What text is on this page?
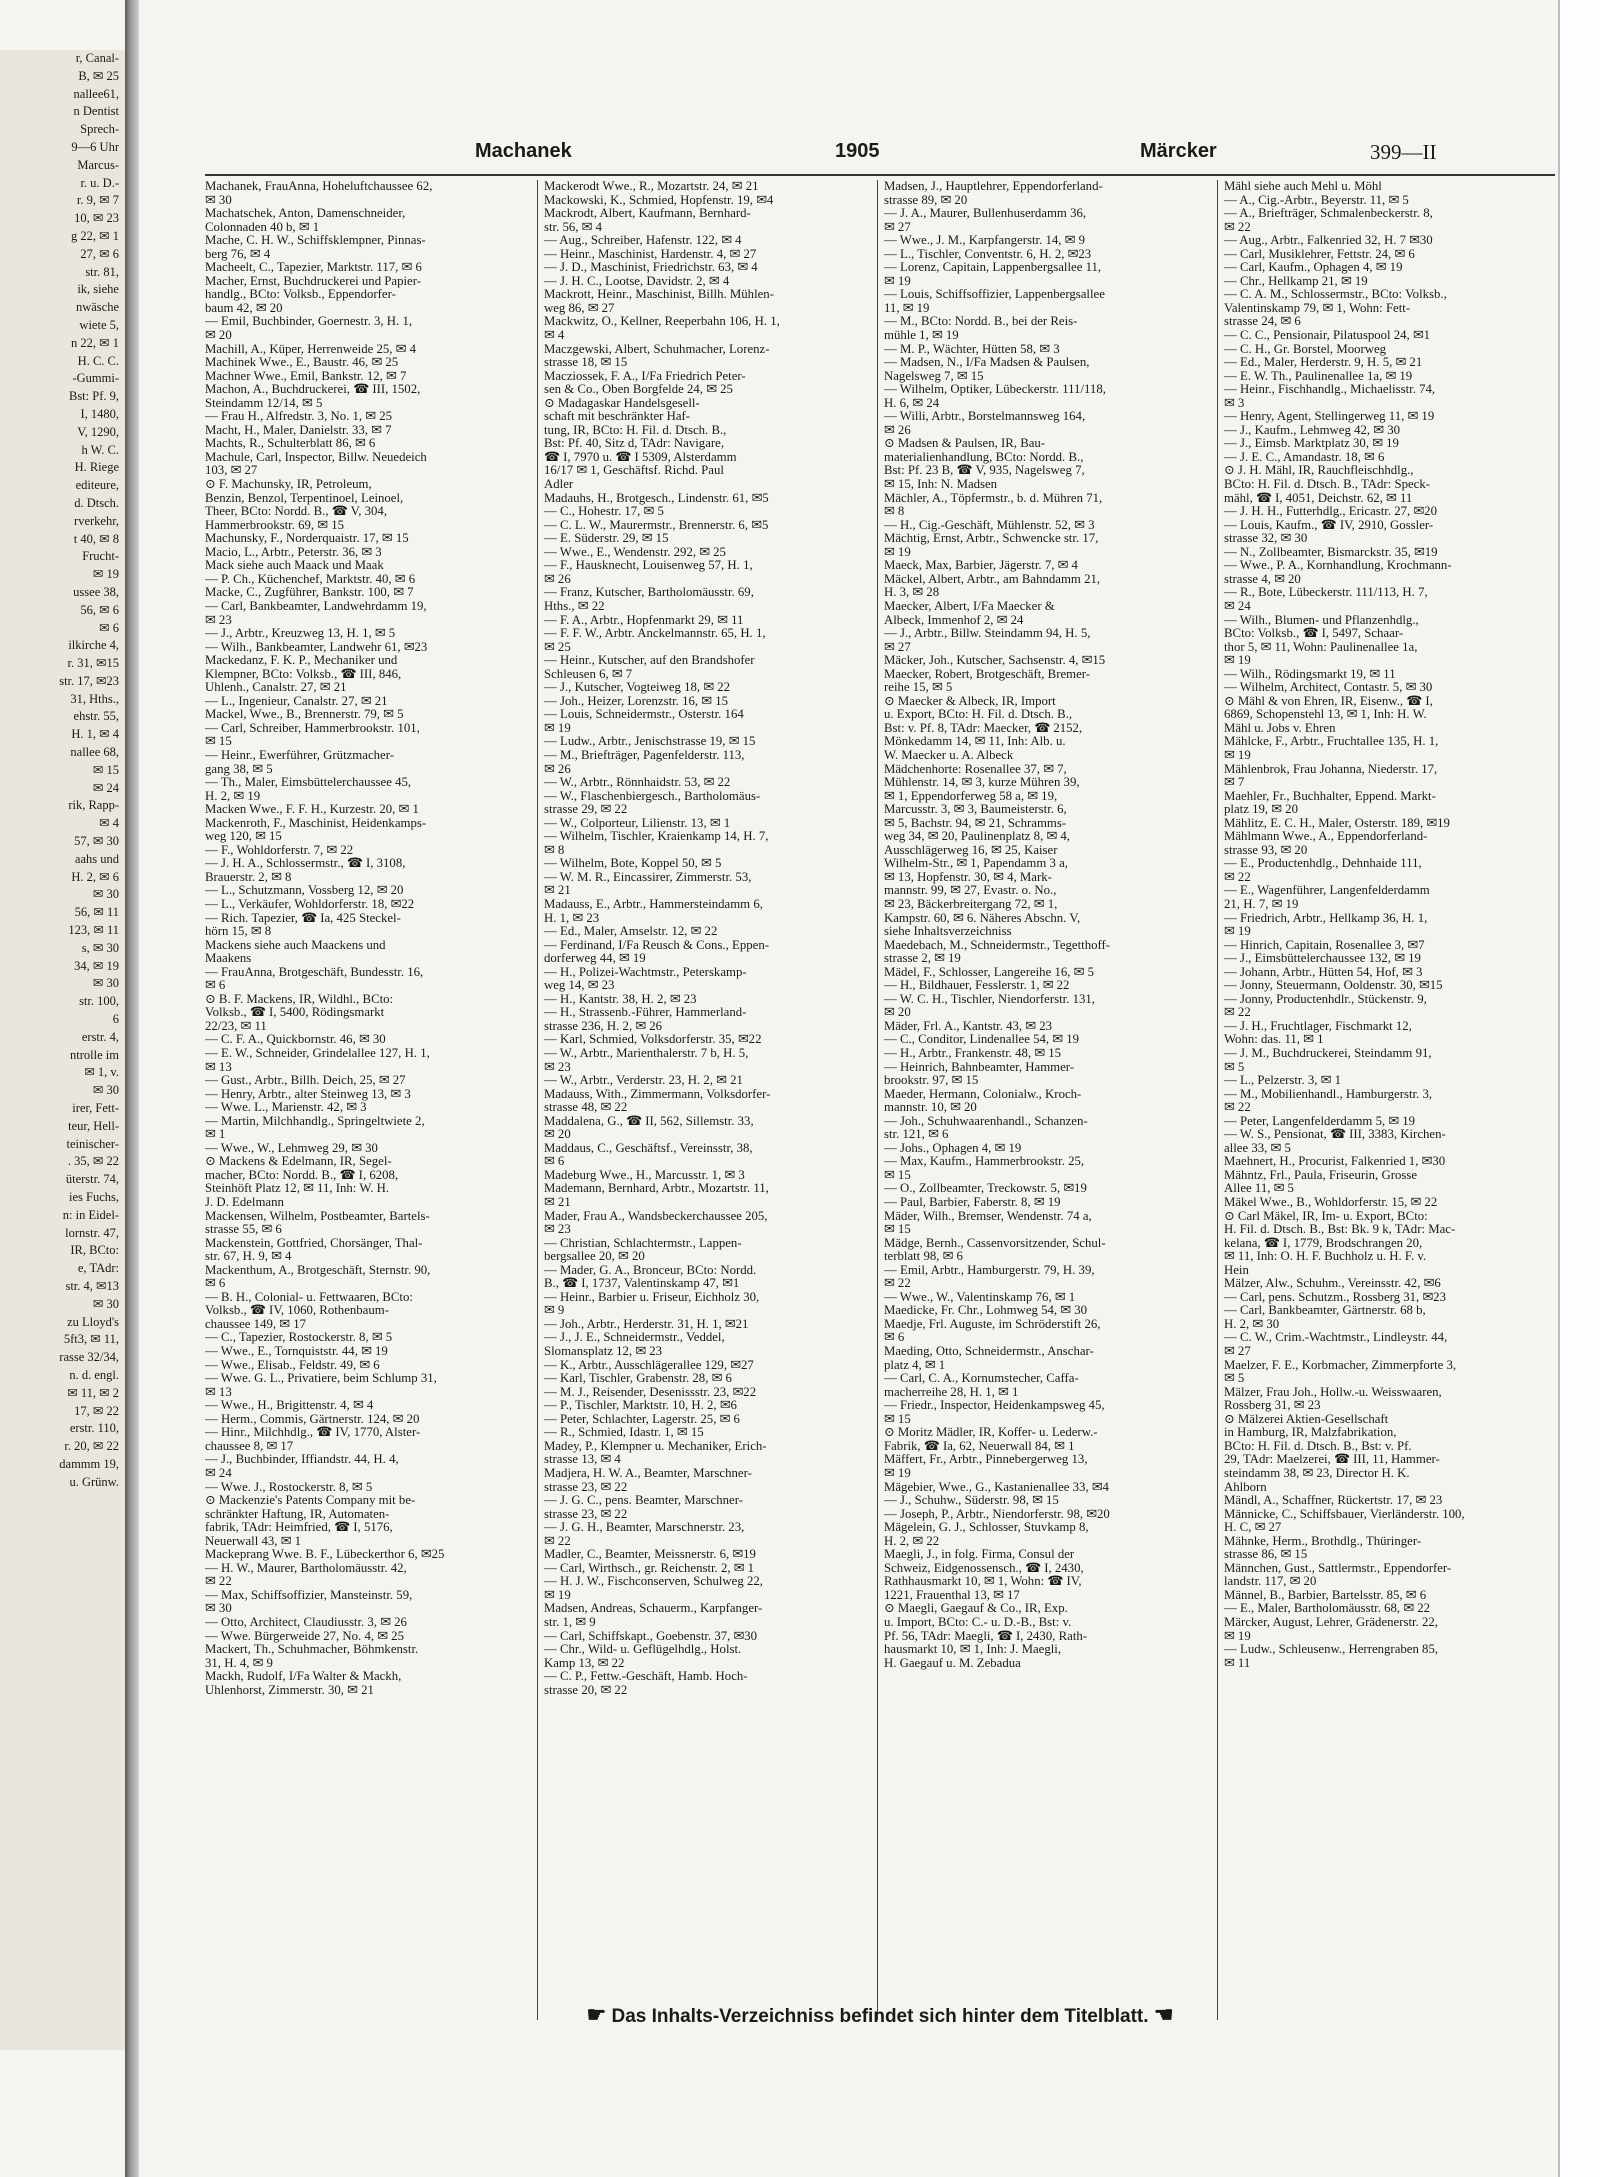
r, Canal-
B, ✉ 25
nallee61,
n Dentist
Sprech-
9—6 Uhr
Marcus-
r. u. D.-
r. 9, ✉ 7
10, ✉ 23
g 22, ✉ 1
27, ✉ 6
str. 81,
ik, siehe
nwäsche
wiete 5,
n 22, ✉ 1
H. C. C.
-Gummi-
Bst: Pf. 9,
I, 1480,
V, 1290,
h W. C.
H. Riege
editeure,
d. Dtsch.
rverkehr,
t 40, ✉ 8
Frucht-
✉ 19
ussee 38,
56, ✉ 6
✉ 6
ilkirche 4,
r. 31, ✉15
str. 17, ✉23
31, Hths.,
ehstr. 55,
H. 1, ✉ 4
nallee 68,
✉ 15
✉ 24
rik, Rapp-
✉ 4
57, ✉ 30
aahs und
H. 2, ✉ 6
✉ 30
56, ✉ 11
123, ✉ 11
s, ✉ 30
34, ✉ 19
✉ 30
str. 100,
6
erstr. 4,
ntrolle im
✉ 1, v.
✉ 30
irer, Fett-
teur, Hell-
teinischer-
. 35, ✉ 22
üterstr. 74,
ies Fuchs,
n: in Eidel-
lornstr. 47,
IR, BCto:
e, TAdr:
str. 4, ✉13
✉ 30
zu Lloyd's
5ft3, ✉ 11,
rasse 32/34,
n. d. engl.
✉ 11, ✉ 2
17, ✉ 22
erstr. 110,
r. 20, ✉ 22
dammm 19,
u. Grünw.
Machanek	1905	Märcker	399—II
Machanek, FrauAnna, Hoheluftchaussee 62,
✉ 30
Machatschek, Anton, Damenschneider,
Colonnaden 40 b, ✉ 1
Mache, C. H. W., Schiffsklempner, Pinnas-
berg 76, ✉ 4
Macheelt, C., Tapezier, Marktstr. 117, ✉ 6
Macher, Ernst, Buchdruckerei und Papier-
handlg., BCto: Volksb., Eppendorfer-
baum 42, ✉ 20
— Emil, Buchbinder, Goernestr. 3, H. 1,
✉ 20
Machill, A., Küper, Herrenweide 25, ✉ 4
Machinek Wwe., E., Baustr. 46, ✉ 25
Machner Wwe., Emil, Bankstr. 12, ✉ 7
Machon, A., Buchdruckerei, ☎ III, 1502,
Steindamm 12/14, ✉ 5
— Frau H., Alfredstr. 3, No. 1, ✉ 25
Macht, H., Maler, Danielstr. 33, ✉ 7
Machts, R., Schulterblatt 86, ✉ 6
Machule, Carl, Inspector, Billw. Neuedeich
103, ✉ 27
⊙ F. Machunsky, IR, Petroleum,
Benzin, Benzol, Terpentinoel, Leinoel,
Theer, BCto: Nordd. B., ☎ V, 304,
Hammerbrookstr. 69, ✉ 15
Machunsky, F., Norderquaistr. 17, ✉ 15
Macio, L., Arbtr., Peterstr. 36, ✉ 3
Mack siehe auch Maack und Maak
— P. Ch., Küchenchef, Marktstr. 40, ✉ 6
Macke, C., Zugführer, Bankstr. 100, ✉ 7
— Carl, Bankbeamter, Landwehrdamm 19,
✉ 23
— J., Arbtr., Kreuzweg 13, H. 1, ✉ 5
— Wilh., Bankbeamter, Landwehr 61, ✉23
Mackedanz, F. K. P., Mechaniker und
Klempner, BCto: Volksb., ☎ III, 846,
Uhlenh., Canalstr. 27, ✉ 21
— L., Ingenieur, Canalstr. 27, ✉ 21
Mackel, Wwe., B., Brennerstr. 79, ✉ 5
— Carl, Schreiber, Hammerbrookstr. 101,
✉ 15
— Heinr., Ewerführer, Grützmacher-
gang 38, ✉ 5
— Th., Maler, Eimsbüttelerchaussee 45,
H. 2, ✉ 19
Macken Wwe., F. F. H., Kurzestr. 20, ✉ 1
Mackenroth, F., Maschinist, Heidenkamps-
weg 120, ✉ 15
— F., Wohldorferstr. 7, ✉ 22
— J. H. A., Schlossermstr., ☎ I, 3108,
Brauerstr. 2, ✉ 8
— L., Schutzmann, Vossberg 12, ✉ 20
— L., Verkäufer, Wohldorferstr. 18, ✉22
— Rich. Tapezier, ☎ Ia, 425 Steckel-
hörn 15, ✉ 8
Mackens siehe auch Maackens und
Maakens
— FrauAnna, Brotgeschäft, Bundesstr. 16,
✉ 6
⊙ B. F. Mackens, IR, Wildhl., BCto:
Volksb., ☎ I, 5400, Rödingsmarkt
22/23, ✉ 11
— C. F. A., Quickbornstr. 46, ✉ 30
— E. W., Schneider, Grindelallee 127, H. 1,
✉ 13
— Gust., Arbtr., Billh. Deich, 25, ✉ 27
— Henry, Arbtr., alter Steinweg 13, ✉ 3
— Wwe. L., Marienstr. 42, ✉ 3
— Martin, Milchhandlg., Springeltwiete 2,
✉ 1
— Wwe., W., Lehmweg 29, ✉ 30
⊙ Mackens & Edelmann, IR, Segel-
macher, BCto: Nordd. B., ☎ I, 6208,
Steinhöft Platz 12, ✉ 11, Inh: W. H.
J. D. Edelmann
Mackensen, Wilhelm, Postbeamter, Bartels-
strasse 55, ✉ 6
Mackenstein, Gottfried, Chorsänger, Thal-
str. 67, H. 9, ✉ 4
Mackenthum, A., Brotgeschäft, Sternstr. 90,
✉ 6
— B. H., Colonial- u. Fettwaaren, BCto:
Volksb., ☎ IV, 1060, Rothenbaum-
chaussee 149, ✉ 17
— C., Tapezier, Rostockerstr. 8, ✉ 5
— Wwe., E., Tornquiststr. 44, ✉ 19
— Wwe., Elisab., Feldstr. 49, ✉ 6
— Wwe. G. L., Privatiere, beim Schlump 31,
✉ 13
— Wwe., H., Brigittenstr. 4, ✉ 4
— Herm., Commis, Gärtnerstr. 124, ✉ 20
— Hinr., Milchhdlg., ☎ IV, 1770, Alster-
chaussee 8, ✉ 17
— J., Buchbinder, Iffiandstr. 44, H. 4,
✉ 24
— Wwe. J., Rostockerstr. 8, ✉ 5
⊙ Mackenzie's Patents Company mit be-
schränkter Haftung, IR, Automaten-
fabrik, TAdr: Heimfried, ☎ I, 5176,
Neuerwall 43, ✉ 1
Mackeprang Wwe. B. F., Lübeckerthor 6, ✉25
— H. W., Maurer, Bartholomäusstr. 42,
✉ 22
— Max, Schiffsoffizier, Mansteinstr. 59,
✉ 30
— Otto, Architect, Claudiusstr. 3, ✉ 26
— Wwe. Bürgerweide 27, No. 4, ✉ 25
Mackert, Th., Schuhmacher, Böhmkenstr.
31, H. 4, ✉ 9
Mackh, Rudolf, I/Fa Walter & Mackh,
Uhlenhorst, Zimmerstr. 30, ✉ 21
Mackerodt Wwe., R., Mozartstr. 24, ✉ 21
Mackowski, K., Schmied, Hopfenstr. 19, ✉4
Mackrodt, Albert, Kaufmann, Bernhard-
str. 56, ✉ 4
— Aug., Schreiber, Hafenstr. 122, ✉ 4
— Heinr., Maschinist, Hardenstr. 4, ✉ 27
— J. D., Maschinist, Friedrichstr. 63, ✉ 4
— J. H. C., Lootse, Davidstr. 2, ✉ 4
Mackrott, Heinr., Maschinist, Billh. Mühlen-
weg 86, ✉ 27
Mackwitz, O., Kellner, Reeperbahn 106, H. 1,
✉ 4
Maczgewski, Albert, Schuhmacher, Lorenz-
strasse 18, ✉ 15
Macziossek, F. A., I/Fa Friedrich Peter-
sen & Co., Oben Borgfelde 24, ✉ 25
⊙ Madagaskar Handelsgesell-
schaft mit beschränkter Haf-
tung, IR, BCto: H. Fil. d. Dtsch. B.,
Bst: Pf. 40, Sitz d, TAdr: Navigare,
☎ I, 7970 u. ☎ I 5309, Alsterdamm
16/17 ✉ 1, Geschäftsf. Richd. Paul
Adler
Madauhs, H., Brotgesch., Lindenstr. 61, ✉5
— C., Hohestr. 17, ✉ 5
— C. L. W., Maurermstr., Brennerstr. 6, ✉5
— E. Süderstr. 29, ✉ 15
— Wwe., E., Wendenstr. 292, ✉ 25
— F., Hausknecht, Louisenweg 57, H. 1,
✉ 26
— Franz, Kutscher, Bartholomäusstr. 69,
Hths., ✉ 22
— F. A., Arbtr., Hopfenmarkt 29, ✉ 11
— F. F. W., Arbtr. Anckelmannstr. 65, H. 1,
✉ 25
— Heinr., Kutscher, auf den Brandshofer
Schleusen 6, ✉ 7
— J., Kutscher, Vogteiweg 18, ✉ 22
— Joh., Heizer, Lorenzstr. 16, ✉ 15
— Louis, Schneidermstr., Osterstr. 164
✉ 19
— Ludw., Arbtr., Jenischstrasse 19, ✉ 15
— M., Briefträger, Pagenfelderstr. 113,
✉ 26
— W., Arbtr., Rönnhaidstr. 53, ✉ 22
— W., Flaschenbiergesch., Bartholomäus-
strasse 29, ✉ 22
— W., Colporteur, Lilienstr. 13, ✉ 1
— Wilhelm, Tischler, Kraienkamp 14, H. 7,
✉ 8
— Wilhelm, Bote, Koppel 50, ✉ 5
— W. M. R., Eincassirer, Zimmerstr. 53,
✉ 21
Madauss, E., Arbtr., Hammersteindamm 6,
H. 1, ✉ 23
— Ed., Maler, Amselstr. 12, ✉ 22
— Ferdinand, I/Fa Reusch & Cons., Eppen-
dorferweg 44, ✉ 19
— H., Polizei-Wachtmstr., Peterskamp-
weg 14, ✉ 23
— H., Kantstr. 38, H. 2, ✉ 23
— H., Strassenb.-Führer, Hammerland-
strasse 236, H. 2, ✉ 26
— Karl, Schmied, Volksdorferstr. 35, ✉22
— W., Arbtr., Marienthalerstr. 7 b, H. 5,
✉ 23
— W., Arbtr., Verderstr. 23, H. 2, ✉ 21
Madauss, With., Zimmermann, Volksdorfer-
strasse 48, ✉ 22
Maddalena, G., ☎ II, 562, Sillemstr. 33,
✉ 20
Maddaus, C., Geschäftsf., Vereinsstr, 38,
✉ 6
Madeburg Wwe., H., Marcusstr. 1, ✉ 3
Mademann, Bernhard, Arbtr., Mozartstr. 11,
✉ 21
Mader, Frau A., Wandsbeckerchaussee 205,
✉ 23
— Christian, Schlachtermstr., Lappen-
bergsallee 20, ✉ 20
— Mader, G. A., Bronceur, BCto: Nordd.
B., ☎ I, 1737, Valentinskamp 47, ✉1
— Heinr., Barbier u. Friseur, Eichholz 30,
✉ 9
— Joh., Arbtr., Herderstr. 31, H. 1, ✉21
— J., J. E., Schneidermstr., Veddel,
Slomansplatz 12, ✉ 23
— K., Arbtr., Ausschlägerallee 129, ✉27
— Karl, Tischler, Grabenstr. 28, ✉ 6
— M. J., Reisender, Desenissstr. 23, ✉22
— P., Tischler, Marktstr. 10, H. 2, ✉6
— Peter, Schlachter, Lagerstr. 25, ✉ 6
— R., Schmied, Idastr. 1, ✉ 15
Madey, P., Klempner u. Mechaniker, Erich-
strasse 13, ✉ 4
Madjera, H. W. A., Beamter, Marschner-
strasse 23, ✉ 22
— J. G. C., pens. Beamter, Marschner-
strasse 23, ✉ 22
— J. G. H., Beamter, Marschnerstr. 23,
✉ 22
Madler, C., Beamter, Meissnerstr. 6, ✉19
— Carl, Wirthsch., gr. Reichenstr. 2, ✉ 1
— H. J. W., Fischconserven, Schulweg 22,
✉ 19
Madsen, Andreas, Schauerm., Karpfanger-
str. 1, ✉ 9
— Carl, Schiffskapt., Goebenstr. 37, ✉30
— Chr., Wild- u. Geflügelhdlg., Holst.
Kamp 13, ✉ 22
— C. P., Fettw.-Geschäft, Hamb. Hoch-
strasse 20, ✉ 22
Madsen, J., Hauptlehrer, Eppendorferland-
strasse 89, ✉ 20
— J. A., Maurer, Bullenhuserdamm 36,
✉ 27
— Wwe., J. M., Karpfangerstr. 14, ✉ 9
— L., Tischler, Conventstr. 6, H. 2, ✉23
— Lorenz, Capitain, Lappenbergsallee 11,
✉ 19
— Louis, Schiffsoffizier, Lappenbergsallee
11, ✉ 19
— M., BCto: Nordd. B., bei der Reis-
mühle 1, ✉ 19
— M. P., Wächter, Hütten 58, ✉ 3
— Madsen, N., I/Fa Madsen & Paulsen,
Nagelsweg 7, ✉ 15
— Wilhelm, Optiker, Lübeckerstr. 111/118,
H. 6, ✉ 24
— Willi, Arbtr., Borstelmannsweg 164,
✉ 26
⊙ Madsen & Paulsen, IR, Bau-
materialienhandlung, BCto: Nordd. B.,
Bst: Pf. 23 B, ☎ V, 935, Nagelsweg 7,
✉ 15, Inh: N. Madsen
Mächler, A., Töpfermstr., b. d. Mühren 71,
✉ 8
— H., Cig.-Geschäft, Mühlenstr. 52, ✉ 3
Mächtig, Ernst, Arbtr., Schwencke str. 17,
✉ 19
Maeck, Max, Barbier, Jägerstr. 7, ✉ 4
Mäckel, Albert, Arbtr., am Bahndamm 21,
H. 3, ✉ 28
Maecker, Albert, I/Fa Maecker &
Albeck, Immenhof 2, ✉ 24
— J., Arbtr., Billw. Steindamm 94, H. 5,
✉ 27
Mäcker, Joh., Kutscher, Sachsenstr. 4, ✉15
Maecker, Robert, Brotgeschäft, Bremer-
reihe 15, ✉ 5
⊙ Maecker & Albeck, IR, Import
u. Export, BCto: H. Fil. d. Dtsch. B.,
Bst: v. Pf. 8, TAdr: Maecker, ☎ 2152,
Mönkedamm 14, ✉ 11, Inh: Alb. u.
W. Maecker u. A. Albeck
Mädchenhorte: Rosenallee 37, ✉ 7,
Mühlenstr. 14, ✉ 3, kurze Mühren 39,
✉ 1, Eppendorferweg 58 a, ✉ 19,
Marcusstr. 3, ✉ 3, Baumeisterstr. 6,
✉ 5, Bachstr. 94, ✉ 21, Schramms-
weg 34, ✉ 20, Paulinenplatz 8, ✉ 4,
Ausschlägerweg 16, ✉ 25, Kaiser
Wilhelm-Str., ✉ 1, Papendamm 3 a,
✉ 13, Hopfenstr. 30, ✉ 4, Mark-
mannstr. 99, ✉ 27, Evastr. o. No.,
✉ 23, Bäckerbreitergang 72, ✉ 1,
Kampstr. 60, ✉ 6. Näheres Abschn. V,
siehe Inhaltsverzeichniss
Maedebach, M., Schneidermstr., Tegetthoff-
strasse 2, ✉ 19
Mädel, F., Schlosser, Langereihe 16, ✉ 5
— H., Bildhauer, Fesslerstr. 1, ✉ 22
— W. C. H., Tischler, Niendorferstr. 131,
✉ 20
Mäder, Frl. A., Kantstr. 43, ✉ 23
— C., Conditor, Lindenallee 54, ✉ 19
— H., Arbtr., Frankenstr. 48, ✉ 15
— Heinrich, Bahnbeamter, Hammer-
brookstr. 97, ✉ 15
Maeder, Hermann, Colonialw., Kroch-
mannstr. 10, ✉ 20
— Joh., Schuhwaarenhandl., Schanzen-
str. 121, ✉ 6
— Johs., Ophagen 4, ✉ 19
— Max, Kaufm., Hammerbrookstr. 25,
✉ 15
— O., Zollbeamter, Treckowstr. 5, ✉19
— Paul, Barbier, Faberstr. 8, ✉ 19
Mäder, Wilh., Bremser, Wendenstr. 74 a,
✉ 15
Mädge, Bernh., Cassenvorsitzender, Schul-
terblatt 98, ✉ 6
— Emil, Arbtr., Hamburgerstr. 79, H. 39,
✉ 22
— Wwe., W., Valentinskamp 76, ✉ 1
Maedicke, Fr. Chr., Lohmweg 54, ✉ 30
Maedje, Frl. Auguste, im Schröderstift 26,
✉ 6
Maeding, Otto, Schneidermstr., Anschar-
platz 4, ✉ 1
— Carl, C. A., Kornumstecher, Caffa-
macherreihe 28, H. 1, ✉ 1
— Friedr., Inspector, Heidenkampsweg 45,
✉ 15
⊙ Moritz Mädler, IR, Koffer- u. Lederw.-
Fabrik, ☎ Ia, 62, Neuerwall 84, ✉ 1
Mäffert, Fr., Arbtr., Pinnebergerweg 13,
✉ 19
Mägebier, Wwe., G., Kastanienallee 33, ✉4
— J., Schuhw., Süderstr. 98, ✉ 15
— Joseph, P., Arbtr., Niendorferstr. 98, ✉20
Mägelein, G. J., Schlosser, Stuvkamp 8,
H. 2, ✉ 22
Maegli, J., in folg. Firma, Consul der
Schweiz, Eidgenossensch., ☎ I, 2430,
Rathhausmarkt 10, ✉ 1, Wohn: ☎ IV,
1221, Frauenthal 13, ✉ 17
⊙ Maegli, Gaegauf & Co., IR, Exp.
u. Import, BCto: C.- u. D.-B., Bst: v.
Pf. 56, TAdr: Maegli, ☎ I, 2430, Rath-
hausmarkt 10, ✉ 1, Inh: J. Maegli,
H. Gaegauf u. M. Zebadua
Mähl siehe auch Mehl u. Möhl
— A., Cig.-Arbtr., Beyerstr. 11, ✉ 5
— A., Briefträger, Schmalenbeckerstr. 8,
✉ 22
— Aug., Arbtr., Falkenried 32, H. 7 ✉30
— Carl, Musiklehrer, Fettstr. 24, ✉ 6
— Carl, Kaufm., Ophagen 4, ✉ 19
— Chr., Hellkamp 21, ✉ 19
— C. A. M., Schlossermstr., BCto: Volksb.,
Valentinskamp 79, ✉ 1, Wohn: Fett-
strasse 24, ✉ 6
— C. C., Pensionair, Pilatuspool 24, ✉1
— C. H., Gr. Borstel, Moorweg
— Ed., Maler, Herderstr. 9, H. 5, ✉ 21
— E. W. Th., Paulinenallee 1a, ✉ 19
— Heinr., Fischhandlg., Michaelisstr. 74,
✉ 3
— Henry, Agent, Stellingerweg 11, ✉ 19
— J., Kaufm., Lehmweg 42, ✉ 30
— J., Eimsb. Marktplatz 30, ✉ 19
— J. E. C., Amandastr. 18, ✉ 6
⊙ J. H. Mähl, IR, Rauchfleischhdlg.,
BCto: H. Fil. d. Dtsch. B., TAdr: Speck-
mähl, ☎ I, 4051, Deichstr. 62, ✉ 11
— J. H. H., Futterhdlg., Ericastr. 27, ✉20
— Louis, Kaufm., ☎ IV, 2910, Gossler-
strasse 32, ✉ 30
— N., Zollbeamter, Bismarckstr. 35, ✉19
— Wwe., P. A., Kornhandlung, Krochmann-
strasse 4, ✉ 20
— R., Bote, Lübeckerstr. 111/113, H. 7,
✉ 24
— Wilh., Blumen- und Pflanzenhdlg.,
BCto: Volksb., ☎ I, 5497, Schaar-
thor 5, ✉ 11, Wohn: Paulinenallee 1a,
✉ 19
— Wilh., Rödingsmarkt 19, ✉ 11
— Wilhelm, Architect, Contastr. 5, ✉ 30
⊙ Mähl & von Ehren, IR, Eisenw., ☎ I,
6869, Schopenstehl 13, ✉ 1, Inh: H. W.
Mähl u. Jobs v. Ehren
Mählcke, F., Arbtr., Fruchtallee 135, H. 1,
✉ 19
Mählenbrok, Frau Johanna, Niederstr. 17,
✉ 7
Maehler, Fr., Buchhalter, Eppend. Markt-
platz 19, ✉ 20
Mählitz, E. C. H., Maler, Osterstr. 189, ✉19
Mählmann Wwe., A., Eppendorferland-
strasse 93, ✉ 20
— E., Productenhdlg., Dehnhaide 111,
✉ 22
— E., Wagenführer, Langenfelderdamm
21, H. 7, ✉ 19
— Friedrich, Arbtr., Hellkamp 36, H. 1,
✉ 19
— Hinrich, Capitain, Rosenallee 3, ✉7
— J., Eimsbüttelerchaussee 132, ✉ 19
— Johann, Arbtr., Hütten 54, Hof, ✉ 3
— Jonny, Steuermann, Ooldenstr. 30, ✉15
— Jonny, Productenhdlr., Stückenstr. 9,
✉ 22
— J. H., Fruchtlager, Fischmarkt 12,
Wohn: das. 11, ✉ 1
— J. M., Buchdruckerei, Steindamm 91,
✉ 5
— L., Pelzerstr. 3, ✉ 1
— M., Mobilienhandl., Hamburgerstr. 3,
✉ 22
— Peter, Langenfelderdamm 5, ✉ 19
— W. S., Pensionat, ☎ III, 3383, Kirchen-
allee 33, ✉ 5
Maehnert, H., Procurist, Falkenried 1, ✉30
Mähntz, Frl., Paula, Friseurin, Grosse
Allee 11, ✉ 5
Mäkel Wwe., B., Wohldorferstr. 15, ✉ 22
⊙ Carl Mäkel, IR, Im- u. Export, BCto:
H. Fil. d. Dtsch. B., Bst: Bk. 9 k, TAdr: Mac-
kelana, ☎ I, 1779, Brodschrangen 20,
✉ 11, Inh: O. H. F. Buchholz u. H. F. v.
Hein
Mälzer, Alw., Schuhm., Vereinsstr. 42, ✉6
— Carl, pens. Schutzm., Rossberg 31, ✉23
— Carl, Bankbeamter, Gärtnerstr. 68 b,
H. 2, ✉ 30
— C. W., Crim.-Wachtmstr., Lindleystr. 44,
✉ 27
Maelzer, F. E., Korbmacher, Zimmerpforte 3,
✉ 5
Mälzer, Frau Joh., Hollw.-u. Weisswaaren,
Rossberg 31, ✉ 23
⊙ Mälzerei Aktien-Gesellschaft
in Hamburg, IR, Malzfabrikation,
BCto: H. Fil. d. Dtsch. B., Bst: v. Pf.
29, TAdr: Maelzerei, ☎ III, 11, Hammer-
steindamm 38, ✉ 23, Director H. K.
Ahlborn
Mändl, A., Schaffner, Rückertstr. 17, ✉ 23
Männicke, C., Schiffsbauer, Vierländerstr. 100,
H. C, ✉ 27
Mähnke, Herm., Brothdlg., Thüringer-
strasse 86, ✉ 15
Männchen, Gust., Sattlermstr., Eppendorfer-
landstr. 117, ✉ 20
Männel, B., Barbier, Bartelsstr. 85, ✉ 6
— E., Maler, Bartholomäusstr. 68, ✉ 22
Märcker, August, Lehrer, Grädenerstr. 22,
✉ 19
— Ludw., Schleusenw., Herrengraben 85,
✉ 11
☛ Das Inhalts-Verzeichniss befindet sich hinter dem Titelblatt. ☚
